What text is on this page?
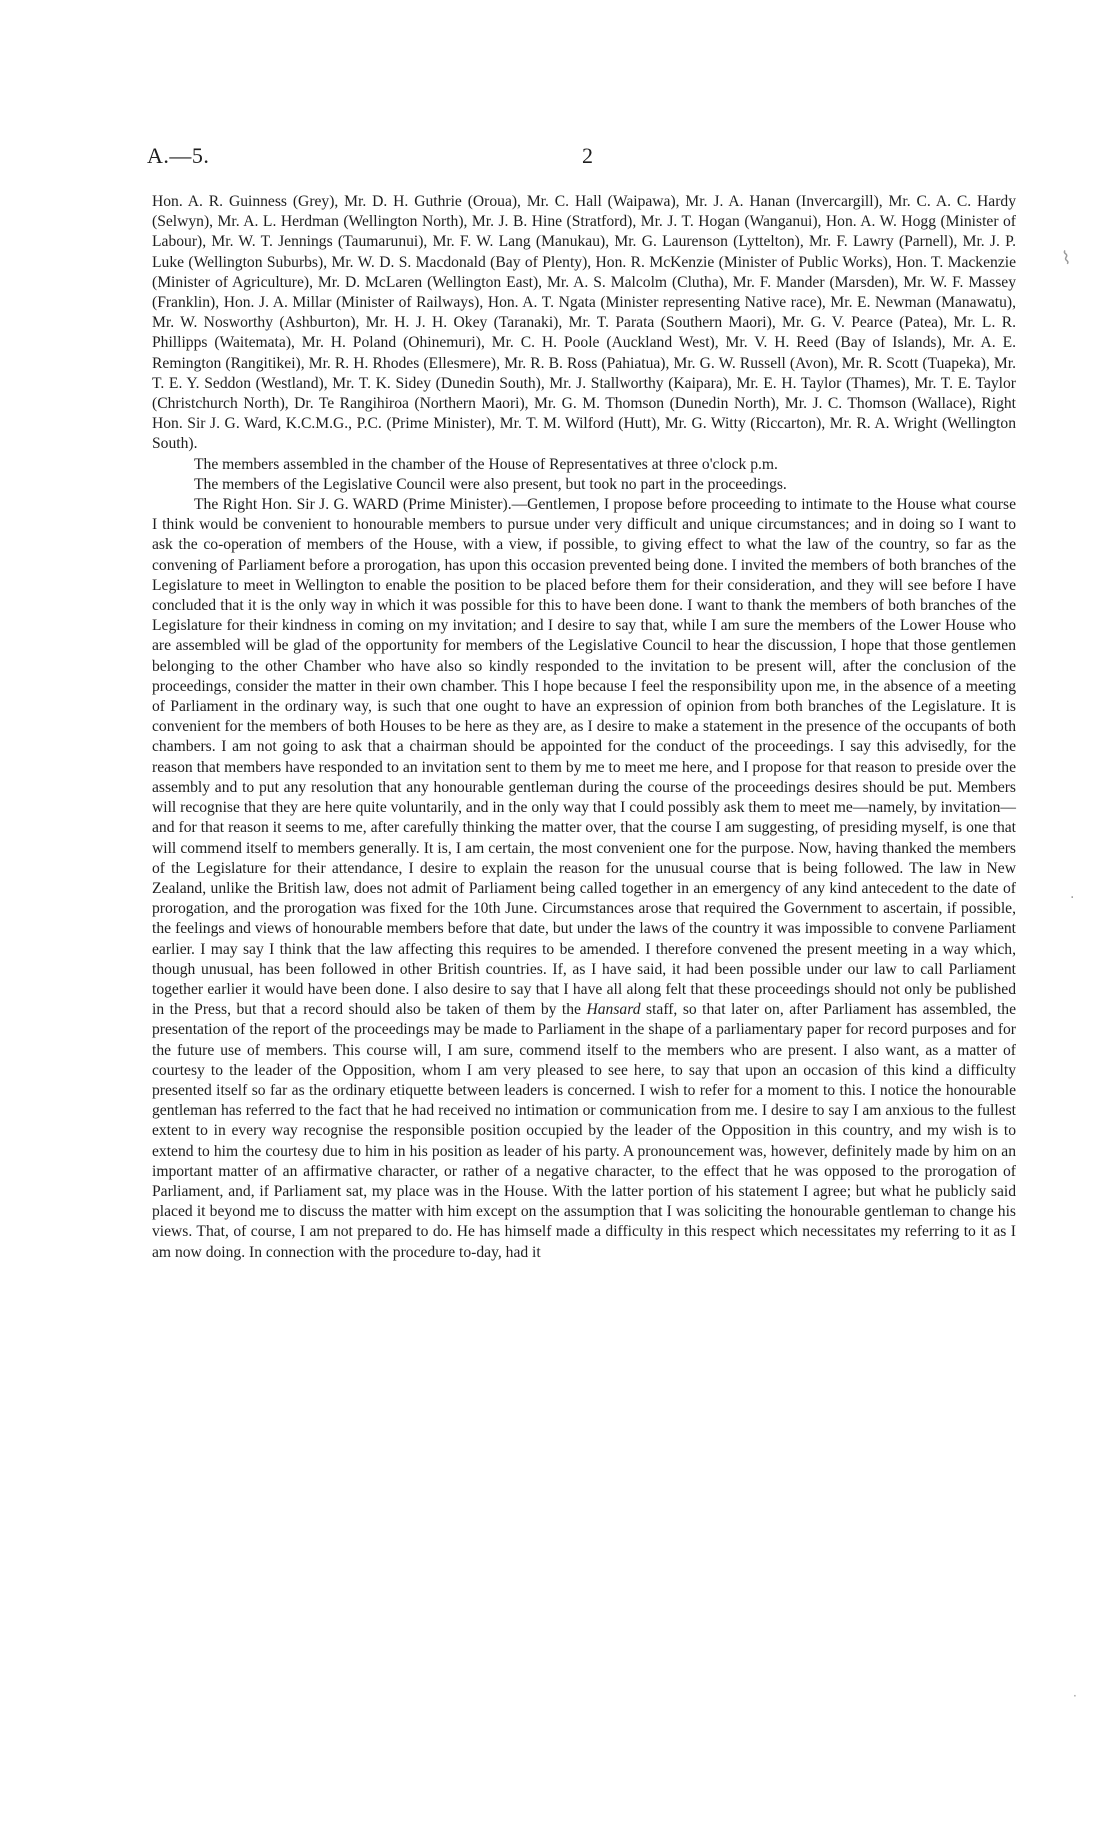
A.—5.	2

Hon. A. R. Guinness (Grey), Mr. D. H. Guthrie (Oroua), Mr. C. Hall (Waipawa), Mr. J. A. Hanan (Invercargill), Mr. C. A. C. Hardy (Selwyn), Mr. A. L. Herdman (Wellington North), Mr. J. B. Hine (Stratford), Mr. J. T. Hogan (Wanganui), Hon. A. W. Hogg (Minister of Labour), Mr. W. T. Jennings (Taumarunui), Mr. F. W. Lang (Manukau), Mr. G. Laurenson (Lyttelton), Mr. F. Lawry (Parnell), Mr. J. P. Luke (Wellington Suburbs), Mr. W. D. S. Macdonald (Bay of Plenty), Hon. R. McKenzie (Minister of Public Works), Hon. T. Mackenzie (Minister of Agriculture), Mr. D. McLaren (Wellington East), Mr. A. S. Malcolm (Clutha), Mr. F. Mander (Marsden), Mr. W. F. Massey (Franklin), Hon. J. A. Millar (Minister of Railways), Hon. A. T. Ngata (Minister representing Native race), Mr. E. Newman (Manawatu), Mr. W. Nosworthy (Ashburton), Mr. H. J. H. Okey (Taranaki), Mr. T. Parata (Southern Maori), Mr. G. V. Pearce (Patea), Mr. L. R. Phillipps (Waitemata), Mr. H. Poland (Ohinemuri), Mr. C. H. Poole (Auckland West), Mr. V. H. Reed (Bay of Islands), Mr. A. E. Remington (Rangitikei), Mr. R. H. Rhodes (Ellesmere), Mr. R. B. Ross (Pahiatua), Mr. G. W. Russell (Avon), Mr. R. Scott (Tuapeka), Mr. T. E. Y. Seddon (Westland), Mr. T. K. Sidey (Dunedin South), Mr. J. Stallworthy (Kaipara), Mr. E. H. Taylor (Thames), Mr. T. E. Taylor (Christchurch North), Dr. Te Rangihiroa (Northern Maori), Mr. G. M. Thomson (Dunedin North), Mr. J. C. Thomson (Wallace), Right Hon. Sir J. G. Ward, K.C.M.G., P.C. (Prime Minister), Mr. T. M. Wilford (Hutt), Mr. G. Witty (Riccarton), Mr. R. A. Wright (Wellington South).

The members assembled in the chamber of the House of Representatives at three o'clock p.m.

The members of the Legislative Council were also present, but took no part in the proceedings.

The Right Hon. Sir J. G. WARD (Prime Minister).—Gentlemen, I propose before proceeding to intimate to the House what course I think would be convenient to honourable members to pursue under very difficult and unique circumstances; and in doing so I want to ask the co-operation of members of the House, with a view, if possible, to giving effect to what the law of the country, so far as the convening of Parliament before a prorogation, has upon this occasion prevented being done. I invited the members of both branches of the Legislature to meet in Wellington to enable the position to be placed before them for their consideration, and they will see before I have concluded that it is the only way in which it was possible for this to have been done. I want to thank the members of both branches of the Legislature for their kindness in coming on my invitation; and I desire to say that, while I am sure the members of the Lower House who are assembled will be glad of the opportunity for members of the Legislative Council to hear the discussion, I hope that those gentlemen belonging to the other Chamber who have also so kindly responded to the invitation to be present will, after the conclusion of the proceedings, consider the matter in their own chamber. This I hope because I feel the responsibility upon me, in the absence of a meeting of Parliament in the ordinary way, is such that one ought to have an expression of opinion from both branches of the Legislature. It is convenient for the members of both Houses to be here as they are, as I desire to make a statement in the presence of the occupants of both chambers. I am not going to ask that a chairman should be appointed for the conduct of the proceedings. I say this advisedly, for the reason that members have responded to an invitation sent to them by me to meet me here, and I propose for that reason to preside over the assembly and to put any resolution that any honourable gentleman during the course of the proceedings desires should be put. Members will recognise that they are here quite voluntarily, and in the only way that I could possibly ask them to meet me—namely, by invitation—and for that reason it seems to me, after carefully thinking the matter over, that the course I am suggesting, of presiding myself, is one that will commend itself to members generally. It is, I am certain, the most convenient one for the purpose. Now, having thanked the members of the Legislature for their attendance, I desire to explain the reason for the unusual course that is being followed. The law in New Zealand, unlike the British law, does not admit of Parliament being called together in an emergency of any kind antecedent to the date of prorogation, and the prorogation was fixed for the 10th June. Circumstances arose that required the Government to ascertain, if possible, the feelings and views of honourable members before that date, but under the laws of the country it was impossible to convene Parliament earlier. I may say I think that the law affecting this requires to be amended. I therefore convened the present meeting in a way which, though unusual, has been followed in other British countries. If, as I have said, it had been possible under our law to call Parliament together earlier it would have been done. I also desire to say that I have all along felt that these proceedings should not only be published in the Press, but that a record should also be taken of them by the Hansard staff, so that later on, after Parliament has assembled, the presentation of the report of the proceedings may be made to Parliament in the shape of a parliamentary paper for record purposes and for the future use of members. This course will, I am sure, commend itself to the members who are present. I also want, as a matter of courtesy to the leader of the Opposition, whom I am very pleased to see here, to say that upon an occasion of this kind a difficulty presented itself so far as the ordinary etiquette between leaders is concerned. I wish to refer for a moment to this. I notice the honourable gentleman has referred to the fact that he had received no intimation or communication from me. I desire to say I am anxious to the fullest extent to in every way recognise the responsible position occupied by the leader of the Opposition in this country, and my wish is to extend to him the courtesy due to him in his position as leader of his party. A pronouncement was, however, definitely made by him on an important matter of an affirmative character, or rather of a negative character, to the effect that he was opposed to the prorogation of Parliament, and, if Parliament sat, my place was in the House. With the latter portion of his statement I agree; but what he publicly said placed it beyond me to discuss the matter with him except on the assumption that I was soliciting the honourable gentleman to change his views. That, of course, I am not prepared to do. He has himself made a difficulty in this respect which necessitates my referring to it as I am now doing. In connection with the procedure to-day, had it

⌇
·
·
